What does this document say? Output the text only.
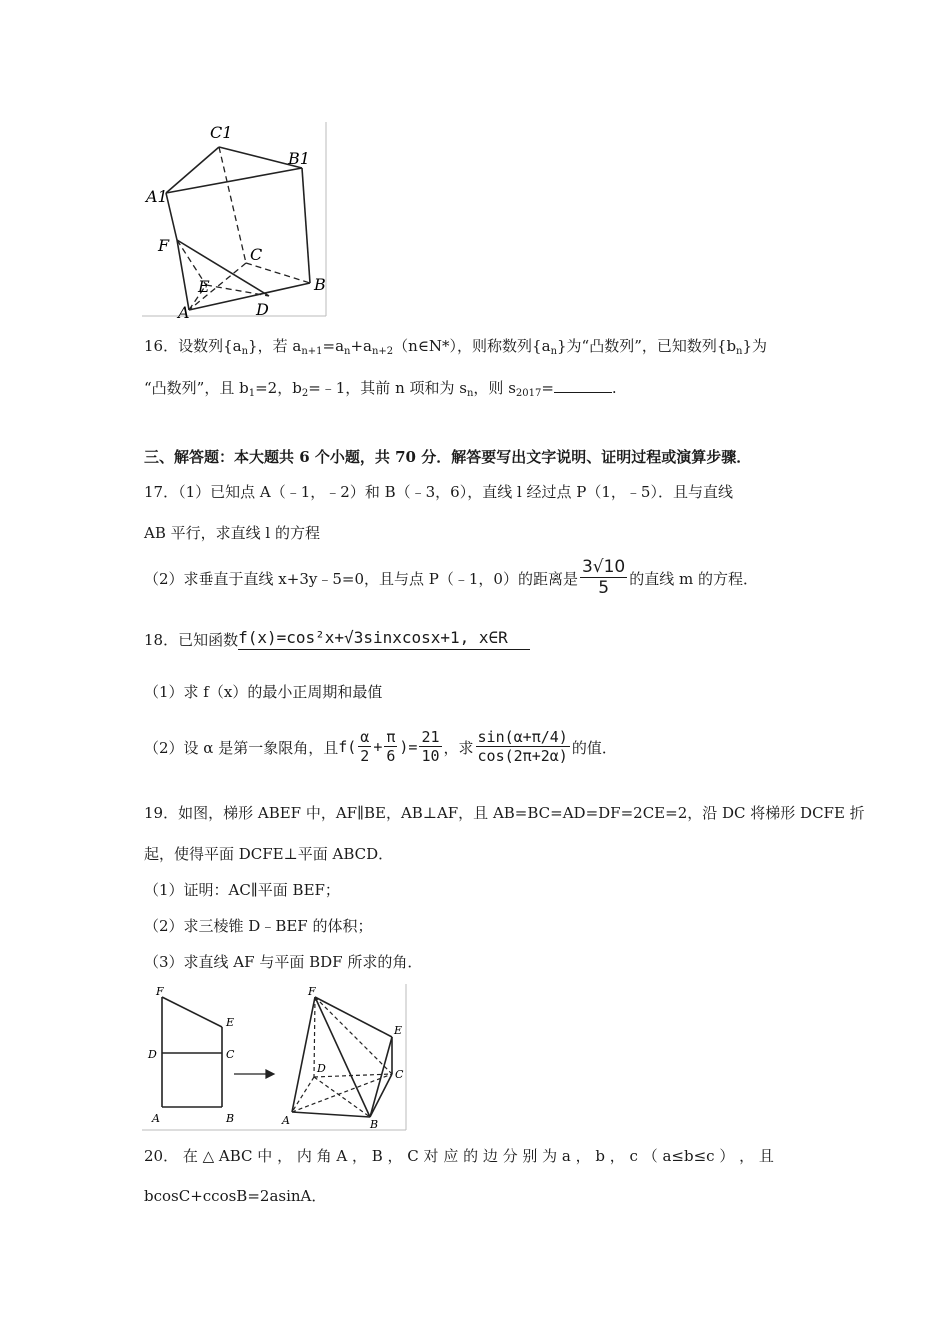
C1
B1
A1
F	C
E
D
A
B
16．设数列$\{a_n\}$，若 $a_{n+1}=a_n+a_{n+2}(n\in N*)$，则称数列$\{a_n\}$为“凸数列”，已知数列$\{b_n\}$为
“凸数列”，且 $b_1=2$，$b_2=﹣1$，其前 n 项和为 $s_n$，则 $s_{2017}=$	.
三、解答题：本大题共 6 个小题，共 70 分．解答要写出文字说明、证明过程或演算步骤．
17．（1）已知点 A（﹣1，﹣2）和 B（﹣3，6），直线 l 经过点 P（1，﹣5）．且与直线
AB 平行，求直线 l 的方程
（2）求垂直于直线 x+3y﹣5=0，且与点 P（﹣1，0）的距离是 $\frac{3√10}{5}$ 的直线 m 的方程．
18．已知函数 f(x)=cos²x+√3sinxcosx+1, x∈R
（1）求 f（x）的最小正周期和最值
（2）设 α 是第一象限角，且 $f( \frac{\alpha}{2} + \frac{\pi}{6}$ )= $\frac{21}{10}$ ，求 $\frac{\sin(\alpha+\pi/4)}{\cos(2\pi+2\alpha)}$ 的值．
19．如图，梯形 ABEF 中，AF∥BE，AB⊥AF，且 AB=BC=AD=DF=2CE=2，沿 DC 将梯形 DCFE 折
起，使得平面 DCFE⊥平面 ABCD．
（1）证明：AC∥平面 BEF；
（2）求三棱锥 D﹣BEF 的体积；
（3）求直线 AF 与平面 BDF 所求的角．
F
E
D	C
A	B
F
E
D	C
A	B
20． 在 △ ABC 中 ， 内 角 A ， B ， C 对 应 的 边 分 别 为 a ， b ， c （ a≤b≤c ） ， 且
bcosC+ccosB=2asinA．
